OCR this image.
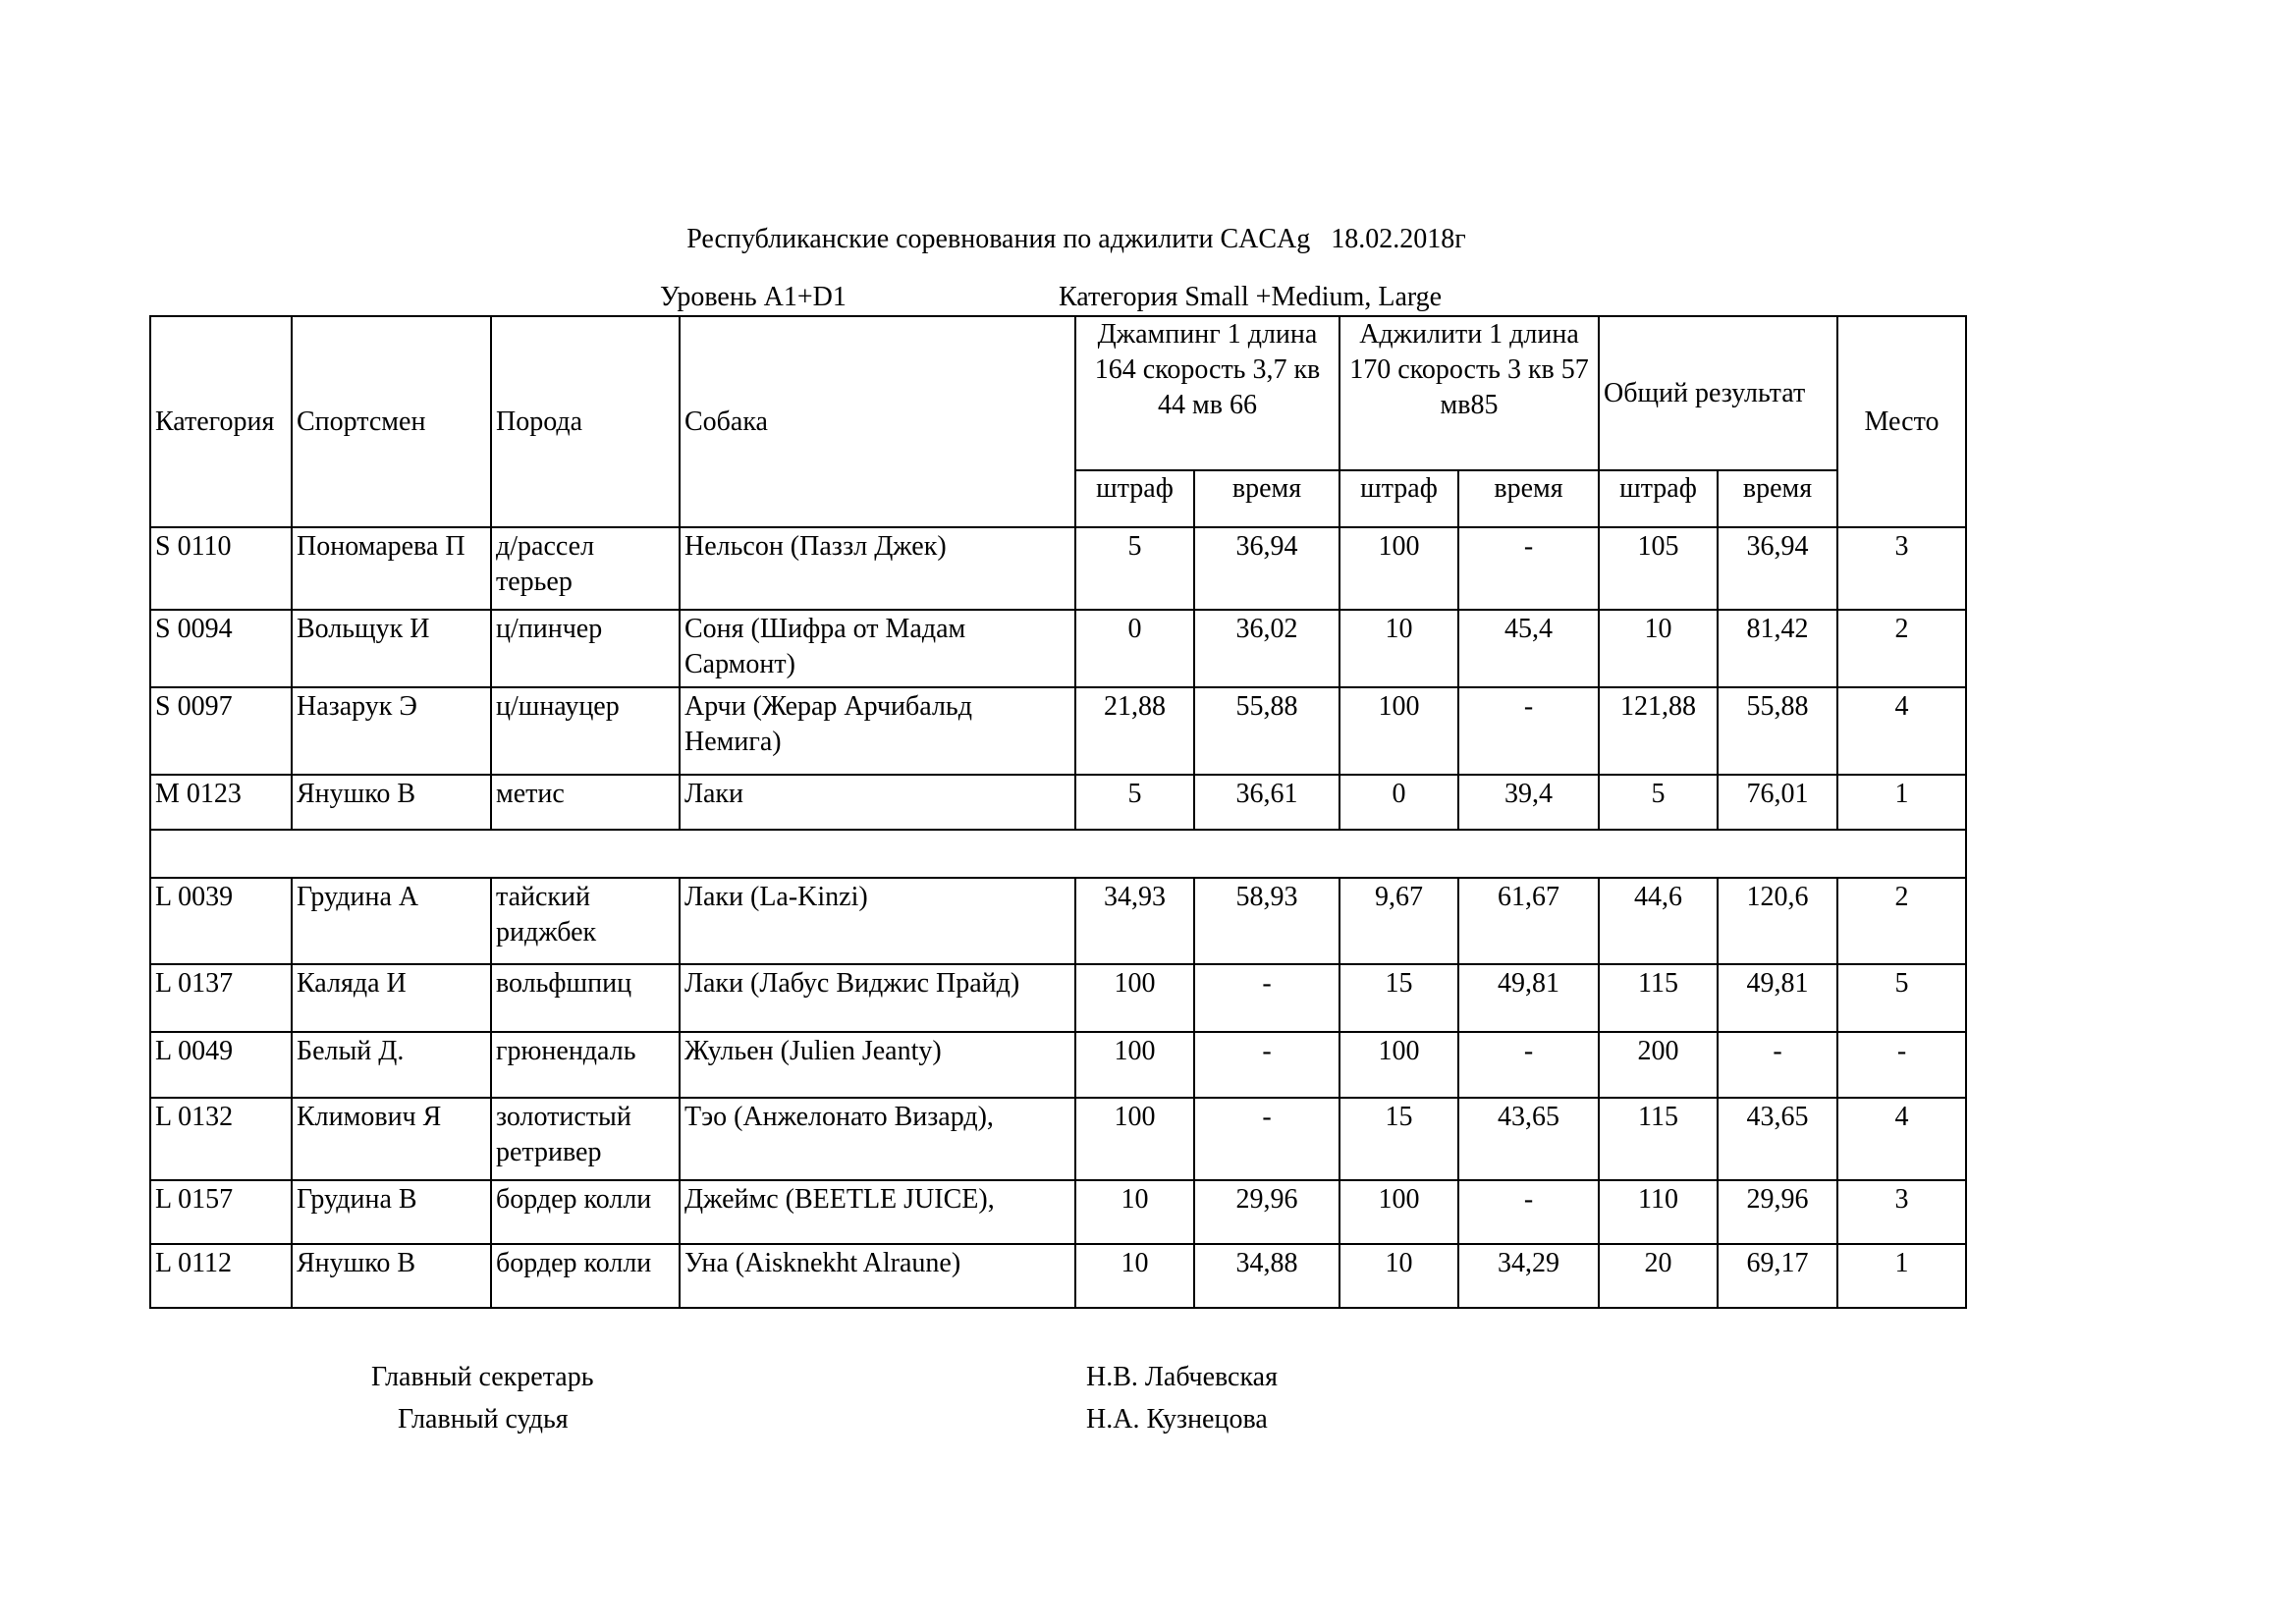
Республиканские соревнования по аджилити CACAg   18.02.2018г
Уровень A1+D1	Категория Small +Medium, Large
Категория	Спортсмен	Порода	Собака	Джампинг 1 длина 164 скорость 3,7 кв 44 мв 66		Аджилити 1 длина 170 скорость 3 кв 57 мв85		Общий результат		Место
				штраф	время	штраф	время	штраф	время	
S 0110	Пономарева П	д/рассел терьер	Нельсон (Паззл Джек)	5	36,94	100	-	105	36,94	3
S 0094	Вольщук И	ц/пинчер	Соня (Шифра от Мадам Сармонт)	0	36,02	10	45,4	10	81,42	2
S 0097	Назарук Э	ц/шнауцер	Арчи (Жерар Арчибальд Немига)	21,88	55,88	100	-	121,88	55,88	4
M 0123	Янушко В	метис	Лаки	5	36,61	0	39,4	5	76,01	1

L 0039	Грудина А	тайский риджбек	Лаки (La-Kinzi)	34,93	58,93	9,67	61,67	44,6	120,6	2
L 0137	Каляда И	вольфшпиц	Лаки (Лабус Виджис Прайд)	100	-	15	49,81	115	49,81	5
L 0049	Белый Д.	грюнендаль	Жульен (Julien Jeanty)	100	-	100	-	200	-	-
L 0132	Климович Я	золотистый ретривер	Тэо (Анжелонато Визард),	100	-	15	43,65	115	43,65	4
L 0157	Грудина В	бордер колли	Джеймс (BEETLE JUICE),	10	29,96	100	-	110	29,96	3
L 0112	Янушко В	бордер колли	Уна (Aisknekht Alraune)	10	34,88	10	34,29	20	69,17	1
Главный секретарь	Н.В. Лабчевская
Главный судья	Н.А. Кузнецова
